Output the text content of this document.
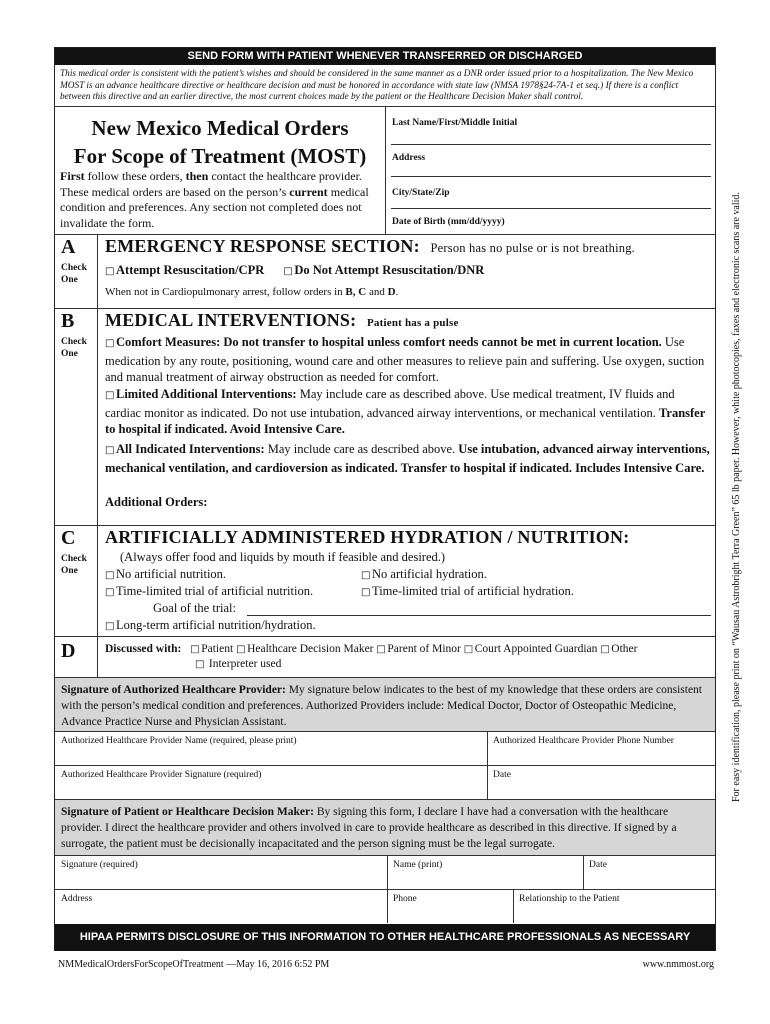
SEND FORM WITH PATIENT WHENEVER TRANSFERRED OR DISCHARGED
This medical order is consistent with the patient’s wishes and should be considered in the same manner as a DNR order issued prior to a hospitalization. The New Mexico MOST is an advance healthcare directive or healthcare decision and must be honored in accordance with state law (NMSA 1978§24-7A-1 et seq.) If there is a conflict between this directive and an earlier directive, the most current choices made by the patient or the Healthcare Decision Maker shall control.
New Mexico Medical Orders
For Scope of Treatment (MOST)
First follow these orders, then contact the healthcare provider. These medical orders are based on the person’s current medical condition and preferences. Any section not completed does not invalidate the form.
Last Name/First/Middle Initial
Address
City/State/Zip
Date of Birth (mm/dd/yyyy)
A
Check
One
EMERGENCY RESPONSE SECTION: Person has no pulse or is not breathing.
□ Attempt Resuscitation/CPR □ Do Not Attempt Resuscitation/DNR
When not in Cardiopulmonary arrest, follow orders in B, C and D.
B
Check
One
MEDICAL INTERVENTIONS: Patient has a pulse
□ Comfort Measures: Do not transfer to hospital unless comfort needs cannot be met in current location. Use medication by any route, positioning, wound care and other measures to relieve pain and suffering. Use oxygen, suction and manual treatment of airway obstruction as needed for comfort.
□ Limited Additional Interventions: May include care as described above. Use medical treatment, IV fluids and cardiac monitor as indicated. Do not use intubation, advanced airway interventions, or mechanical ventilation. Transfer to hospital if indicated. Avoid Intensive Care.
□ All Indicated Interventions: May include care as described above. Use intubation, advanced airway interventions, mechanical ventilation, and cardioversion as indicated. Transfer to hospital if indicated. Includes Intensive Care.
Additional Orders:
C
Check
One
ARTIFICIALLY ADMINISTERED HYDRATION / NUTRITION:
(Always offer food and liquids by mouth if feasible and desired.)
□ No artificial nutrition.	□ No artificial hydration.
□ Time-limited trial of artificial nutrition.	□ Time-limited trial of artificial hydration.
Goal of the trial:
□ Long-term artificial nutrition/hydration.
D	Discussed with: □ Patient □ Healthcare Decision Maker □ Parent of Minor □ Court Appointed Guardian □ Other
□ Interpreter used
Signature of Authorized Healthcare Provider: My signature below indicates to the best of my knowledge that these orders are consistent with the person’s medical condition and preferences. Authorized Providers include: Medical Doctor, Doctor of Osteopathic Medicine, Advance Practice Nurse and Physician Assistant.
Authorized Healthcare Provider Name (required, please print)	Authorized Healthcare Provider Phone Number
Authorized Healthcare Provider Signature (required)	Date
Signature of Patient or Healthcare Decision Maker: By signing this form, I declare I have had a conversation with the healthcare provider. I direct the healthcare provider and others involved in care to provide healthcare as described in this directive. If signed by a surrogate, the patient must be decisionally incapacitated and the person signing must be the legal surrogate.
Signature (required)	Name (print)	Date
Address	Phone	Relationship to the Patient
HIPAA PERMITS DISCLOSURE OF THIS INFORMATION TO OTHER HEALTHCARE PROFESSIONALS AS NECESSARY
For easy identification, please print on “Wausau Astrobright Terra Green” 65 lb paper. However, white photocopies, faxes and electronic scans are valid.
NMMedicalOrdersForScopeOfTreatment —May 16, 2016 6:52 PM	www.nmmost.org
